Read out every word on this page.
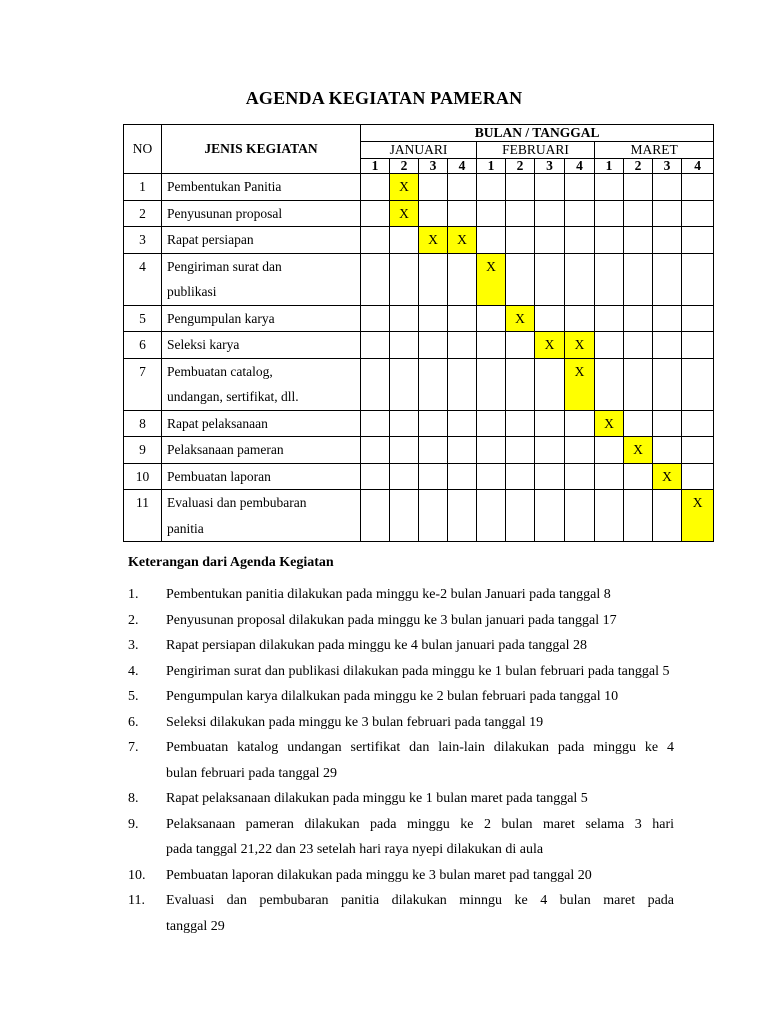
AGENDA KEGIATAN PAMERAN
NO	JENIS KEGIATAN	BULAN / TANGGAL											
		JANUARI				FEBRUARI				MARET			
		1	2	3	4	1	2	3	4	1	2	3	4
1	Pembentukan Panitia		X										
2	Penyusunan proposal		X										
3	Rapat persiapan			X	X								
4	Pengiriman surat dan
publikasi					X							
5	Pengumpulan karya						X						
6	Seleksi karya							X	X				
7	Pembuatan catalog,
undangan, sertifikat, dll.								X				
8	Rapat pelaksanaan									X			
9	Pelaksanaan pameran										X		
10	Pembuatan laporan											X	
11	Evaluasi dan pembubaran
panitia												X
Keterangan dari Agenda Kegiatan
1. Pembentukan panitia dilakukan pada minggu ke-2 bulan Januari pada tanggal 8
2. Penyusunan proposal dilakukan pada minggu ke 3 bulan januari pada tanggal 17
3. Rapat persiapan dilakukan pada minggu ke 4 bulan januari pada tanggal 28
4. Pengiriman surat dan publikasi dilakukan pada minggu ke 1 bulan februari pada tanggal 5
5. Pengumpulan karya dilalkukan pada minggu ke 2 bulan februari pada tanggal 10
6. Seleksi dilakukan pada minggu ke 3 bulan februari pada tanggal 19
7. Pembuatan katalog undangan sertifikat dan lain-lain dilakukan pada minggu ke 4
bulan februari pada tanggal 29
8. Rapat pelaksanaan dilakukan pada minggu ke 1 bulan maret pada tanggal 5
9. Pelaksanaan pameran dilakukan pada minggu ke 2 bulan maret selama 3 hari
pada tanggal 21,22 dan 23 setelah hari raya nyepi dilakukan di aula
10. Pembuatan laporan dilakukan pada minggu ke 3 bulan maret pad tanggal 20
11. Evaluasi dan pembubaran panitia dilakukan minngu ke 4 bulan maret pada
tanggal 29
